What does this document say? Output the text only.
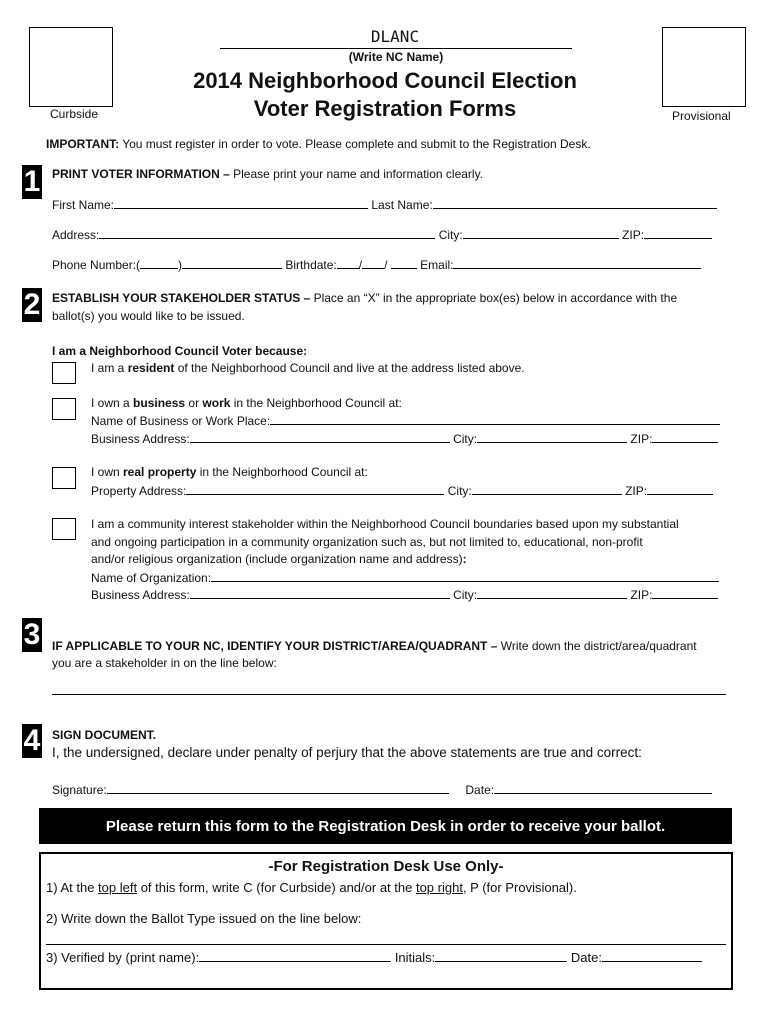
Curbside	Provisional
DLANC
(Write NC Name)
2014 Neighborhood Council Election
Voter Registration Forms
IMPORTANT: You must register in order to vote. Please complete and submit to the Registration Desk.
1 PRINT VOTER INFORMATION – Please print your name and information clearly.
First Name:	Last Name:
Address:	City:	ZIP:
Phone Number:(	)	Birthdate: / /	Email:
2 ESTABLISH YOUR STAKEHOLDER STATUS – Place an “X” in the appropriate box(es) below in accordance with the
ballot(s) you would like to be issued.
I am a Neighborhood Council Voter because:
I am a resident of the Neighborhood Council and live at the address listed above.
I own a business or work in the Neighborhood Council at:
Name of Business or Work Place:
Business Address:	City:	ZIP:
I own real property in the Neighborhood Council at:
Property Address:	City:	ZIP:
I am a community interest stakeholder within the Neighborhood Council boundaries based upon my substantial
and ongoing participation in a community organization such as, but not limited to, educational, non-profit
and/or religious organization (include organization name and address):
Name of Organization:
Business Address:	City:	ZIP:
3 IF APPLICABLE TO YOUR NC, IDENTIFY YOUR DISTRICT/AREA/QUADRANT – Write down the district/area/quadrant
you are a stakeholder in on the line below:
4 SIGN DOCUMENT.
I, the undersigned, declare under penalty of perjury that the above statements are true and correct:
Signature:	Date:
Please return this form to the Registration Desk in order to receive your ballot.
-For Registration Desk Use Only-
1) At the top left of this form, write C (for Curbside) and/or at the top right, P (for Provisional).
2) Write down the Ballot Type issued on the line below:
3) Verified by (print name):	Initials:	Date:
